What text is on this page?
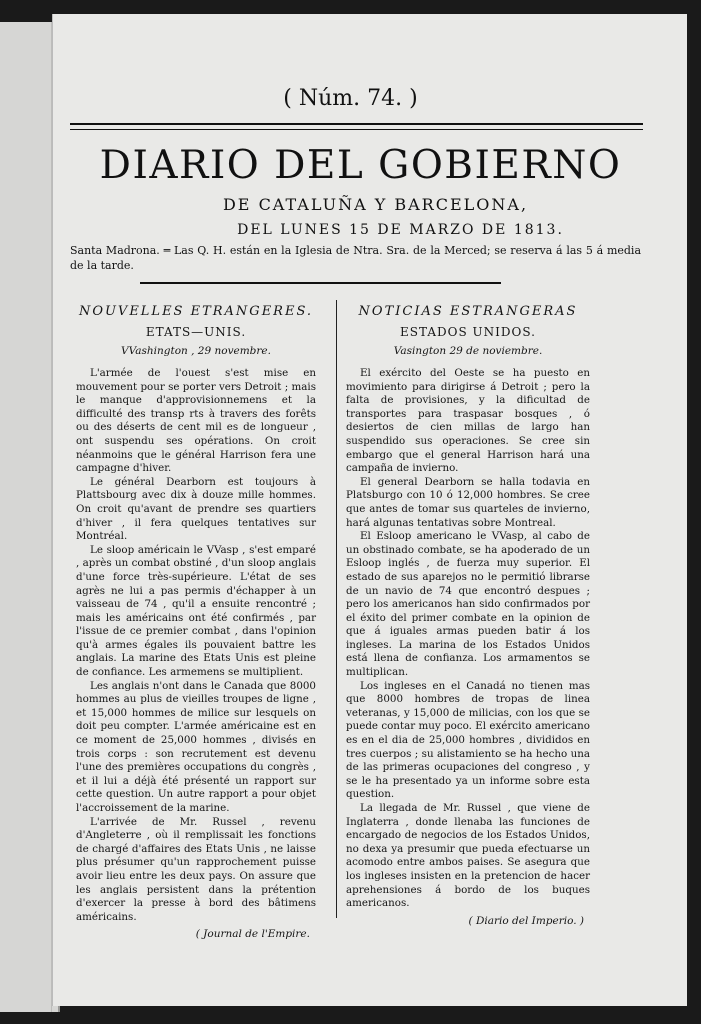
( Núm. 74. )
DIARIO DEL GOBIERNO
DE CATALUÑA Y BARCELONA,
DEL LUNES 15 DE MARZO DE 1813.
Santa Madrona. ═ Las Q. H. están en la Iglesia de Ntra. Sra. de la Merced; se reserva á las 5 á media de la tarde.
NOUVELLES ETRANGERES.
ETATS—UNIS.
VVashington , 29 novembre.

L'armée de l'ouest s'est mise en mouvement pour se porter vers Detroit ; mais le manque d'approvisionnemens et la difficulté des transp rts à travers des forêts ou des déserts de cent mil es de longueur , ont suspendu ses opérations. On croit néanmoins que le général Harrison fera une campagne d'hiver.

Le général Dearborn est toujours à Plattsbourg avec dix à douze mille hommes. On croit qu'avant de prendre ses quartiers d'hiver , il fera quelques tentatives sur Montréal.

Le sloop américain le VVasp , s'est emparé , après un combat obstiné , d'un sloop anglais d'une force très-supérieure. L'état de ses agrès ne lui a pas permis d'échapper à un vaisseau de 74 , qu'il a ensuite rencontré ; mais les américains ont été confirmés , par l'issue de ce premier combat , dans l'opinion qu'à armes égales ils pouvaient battre les anglais. La marine des Etats Unis est pleine de confiance. Les armemens se multiplient.

Les anglais n'ont dans le Canada que 8000 hommes au plus de vieilles troupes de ligne , et 15,000 hommes de milice sur lesquels on doit peu compter. L'armée américaine est en ce moment de 25,000 hommes , divisés en trois corps : son recrutement est devenu l'une des premières occupations du congrès , et il lui a déjà été présenté un rapport sur cette question. Un autre rapport a pour objet l'accroissement de la marine.

L'arrivée de Mr. Russel , revenu d'Angleterre , où il remplissait les fonctions de chargé d'affaires des Etats Unis , ne laisse plus présumer qu'un rapprochement puisse avoir lieu entre les deux pays. On assure que les anglais persistent dans la prétention d'exercer la presse à bord des bâtimens américains.

( Journal de l'Empire.
NOTICIAS ESTRANGERAS
ESTADOS UNIDOS.
Vasington 29 de noviembre.

El exército del Oeste se ha puesto en movimiento para dirigirse á Detroit ; pero la falta de provisiones, y la dificultad de transportes para traspasar bosques , ó desiertos de cien millas de largo han suspendido sus operaciones. Se cree sin embargo que el general Harrison hará una campaña de invierno.

El general Dearborn se halla todavia en Platsburgo con 10 ó 12,000 hombres. Se cree que antes de tomar sus quarteles de invierno, hará algunas tentativas sobre Montreal.

El Esloop americano le VVasp, al cabo de un obstinado combate, se ha apoderado de un Esloop inglés , de fuerza muy superior. El estado de sus aparejos no le permitió librarse de un navio de 74 que encontró despues ; pero los americanos han sido confirmados por el éxito del primer combate en la opinion de que á iguales armas pueden batir á los ingleses. La marina de los Estados Unidos está llena de confianza. Los armamentos se multiplican.

Los ingleses en el Canadá no tienen mas que 8000 hombres de tropas de linea veteranas, y 15,000 de milicias, con los que se puede contar muy poco. El exército americano es en el dia de 25,000 hombres , divididos en tres cuerpos ; su alistamiento se ha hecho una de las primeras ocupaciones del congreso , y se le ha presentado ya un informe sobre esta question.

La llegada de Mr. Russel , que viene de Inglaterra , donde llenaba las funciones de encargado de negocios de los Estados Unidos, no dexa ya presumir que pueda efectuarse un acomodo entre ambos paises. Se asegura que los ingleses insisten en la pretencion de hacer aprehensiones á bordo de los buques americanos.

( Diario del Imperio. )
